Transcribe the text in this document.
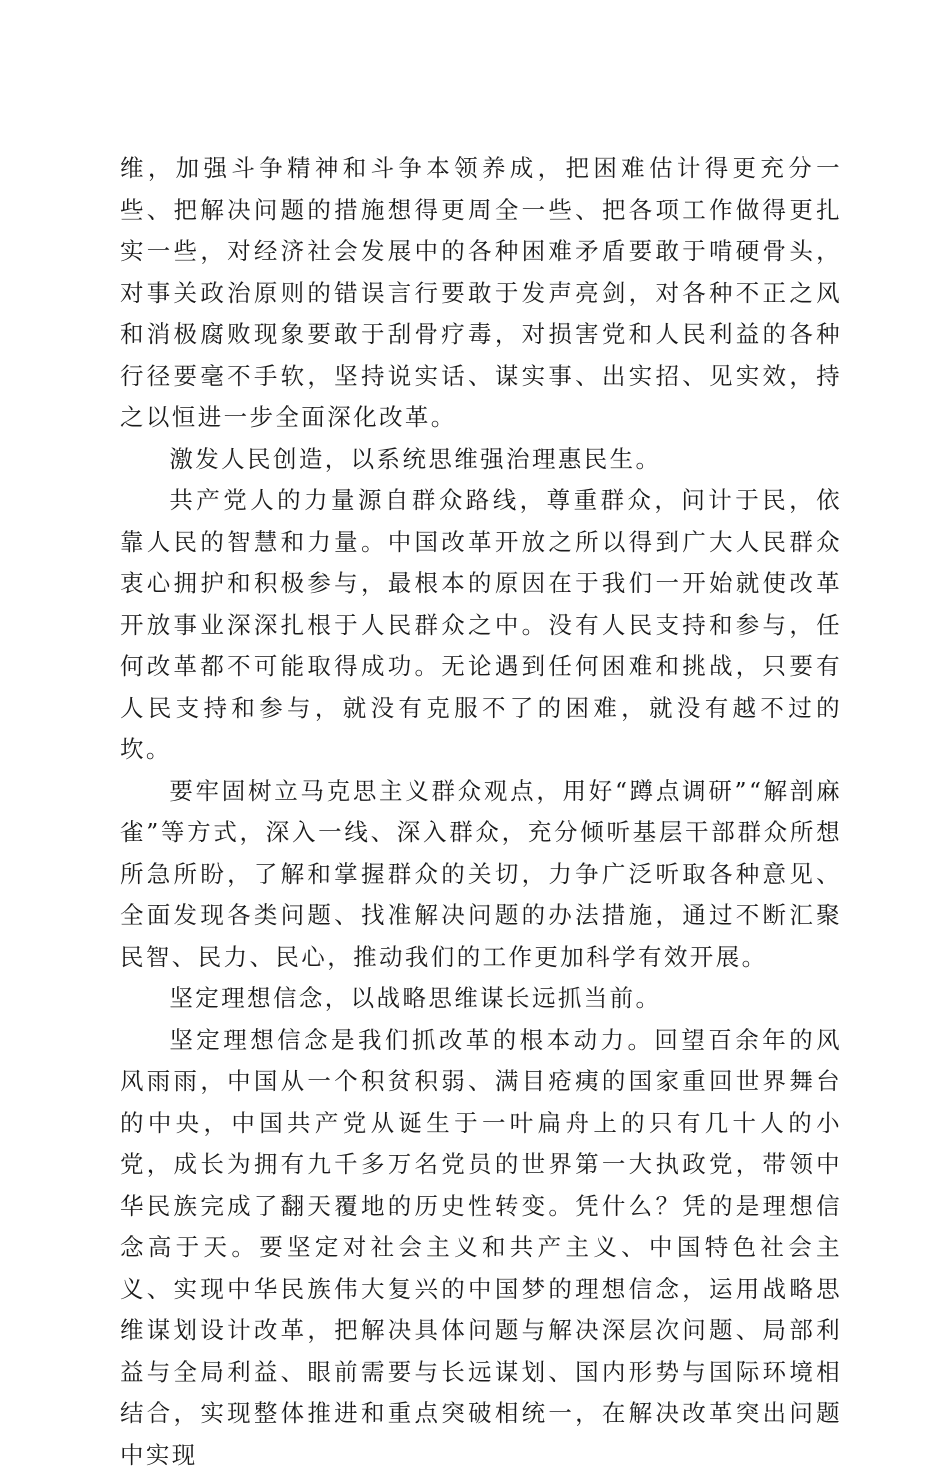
维，加强斗争精神和斗争本领养成，把困难估计得更充分一些、把解决问题的措施想得更周全一些、把各项工作做得更扎实一些，对经济社会发展中的各种困难矛盾要敢于啃硬骨头，对事关政治原则的错误言行要敢于发声亮剑，对各种不正之风和消极腐败现象要敢于刮骨疗毒，对损害党和人民利益的各种行径要毫不手软，坚持说实话、谋实事、出实招、见实效，持之以恒进一步全面深化改革。

激发人民创造，以系统思维强治理惠民生。

共产党人的力量源自群众路线，尊重群众，问计于民，依靠人民的智慧和力量。中国改革开放之所以得到广大人民群众衷心拥护和积极参与，最根本的原因在于我们一开始就使改革开放事业深深扎根于人民群众之中。没有人民支持和参与，任何改革都不可能取得成功。无论遇到任何困难和挑战，只要有人民支持和参与，就没有克服不了的困难，就没有越不过的坎。

要牢固树立马克思主义群众观点，用好“蹲点调研”“解剖麻雀”等方式，深入一线、深入群众，充分倾听基层干部群众所想所急所盼，了解和掌握群众的关切，力争广泛听取各种意见、全面发现各类问题、找准解决问题的办法措施，通过不断汇聚民智、民力、民心，推动我们的工作更加科学有效开展。

坚定理想信念，以战略思维谋长远抓当前。

坚定理想信念是我们抓改革的根本动力。回望百余年的风风雨雨，中国从一个积贫积弱、满目疮痍的国家重回世界舞台的中央，中国共产党从诞生于一叶扁舟上的只有几十人的小党，成长为拥有九千多万名党员的世界第一大执政党，带领中华民族完成了翻天覆地的历史性转变。凭什么？凭的是理想信念高于天。要坚定对社会主义和共产主义、中国特色社会主义、实现中华民族伟大复兴的中国梦的理想信念，运用战略思维谋划设计改革，把解决具体问题与解决深层次问题、局部利益与全局利益、眼前需要与长远谋划、国内形势与国际环境相结合，实现整体推进和重点突破相统一，在解决改革突出问题中实现
